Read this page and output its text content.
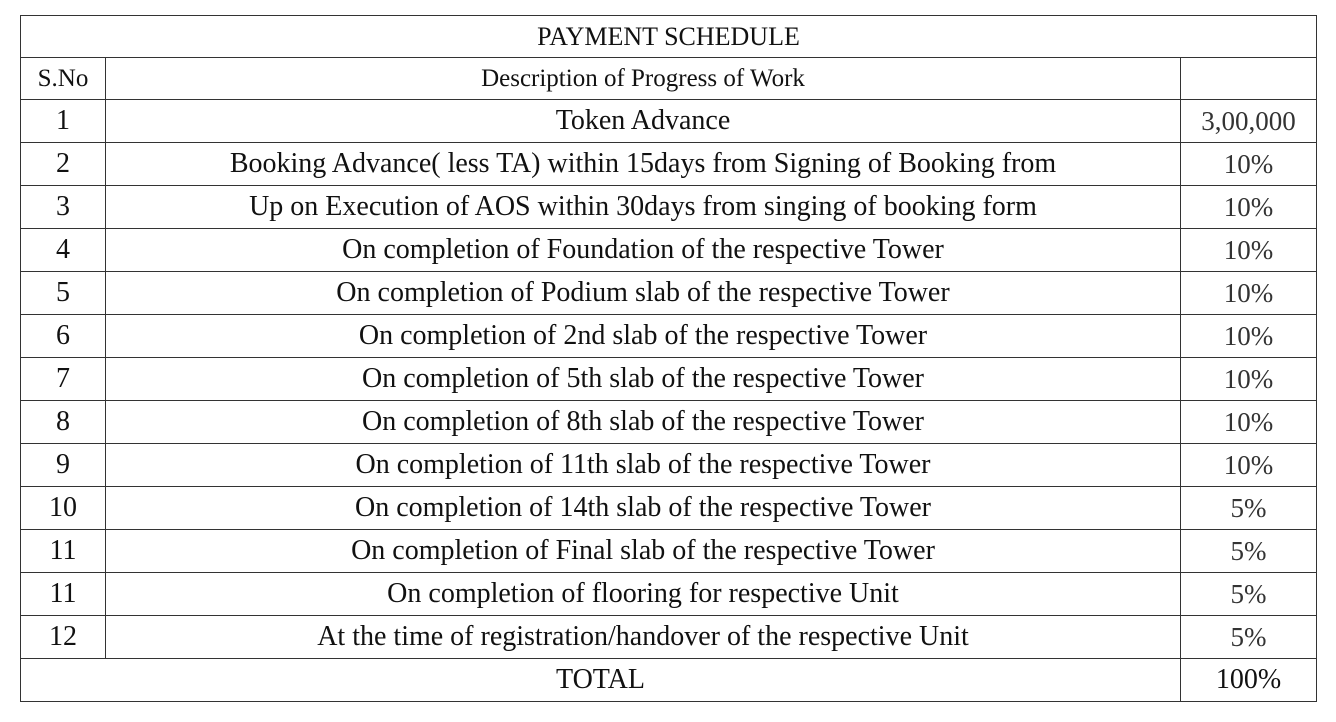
PAYMENT SCHEDULE		
S.No	Description of Progress of Work	
1	Token Advance	3,00,000
2	Booking Advance( less TA) within 15days from Signing of Booking from	10%
3	Up on Execution of AOS within 30days from singing of booking form	10%
4	On completion of Foundation of the respective Tower	10%
5	On completion of Podium slab of the respective Tower	10%
6	On completion of 2nd slab of the respective Tower	10%
7	On completion of 5th slab of the respective Tower	10%
8	On completion of 8th slab of the respective Tower	10%
9	On completion of 11th slab of the respective Tower	10%
10	On completion of 14th slab of the respective Tower	5%
11	On completion of Final slab of the respective Tower	5%
11	On completion of flooring for respective Unit	5%
12	At the time of registration/handover of the respective Unit	5%
TOTAL		100%
